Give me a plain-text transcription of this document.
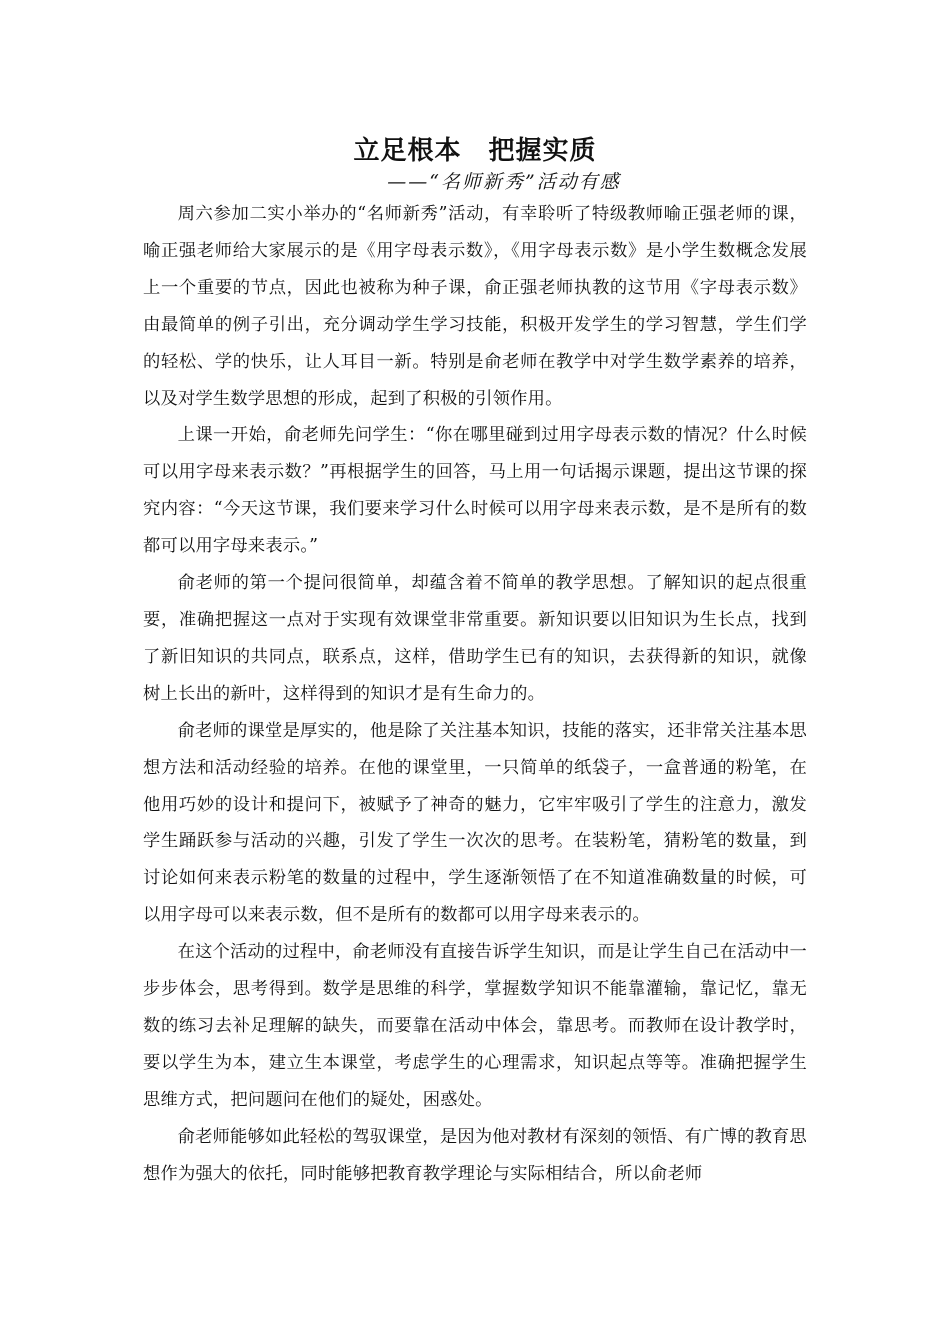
立足根本　把握实质
——“名师新秀”活动有感

周六参加二实小举办的“名师新秀”活动，有幸聆听了特级教师喻正强老师的课，喻正强老师给大家展示的是《用字母表示数》，《用字母表示数》是小学生数概念发展上一个重要的节点，因此也被称为种子课，俞正强老师执教的这节用《字母表示数》由最简单的例子引出，充分调动学生学习技能，积极开发学生的学习智慧，学生们学的轻松、学的快乐，让人耳目一新。特别是俞老师在教学中对学生数学素养的培养，以及对学生数学思想的形成，起到了积极的引领作用。

上课一开始，俞老师先问学生：“你在哪里碰到过用字母表示数的情况？什么时候可以用字母来表示数？”再根据学生的回答，马上用一句话揭示课题，提出这节课的探究内容：“今天这节课，我们要来学习什么时候可以用字母来表示数，是不是所有的数都可以用字母来表示。”

俞老师的第一个提问很简单，却蕴含着不简单的教学思想。了解知识的起点很重要，准确把握这一点对于实现有效课堂非常重要。新知识要以旧知识为生长点，找到了新旧知识的共同点，联系点，这样，借助学生已有的知识，去获得新的知识，就像树上长出的新叶，这样得到的知识才是有生命力的。

俞老师的课堂是厚实的，他是除了关注基本知识，技能的落实，还非常关注基本思想方法和活动经验的培养。在他的课堂里，一只简单的纸袋子，一盒普通的粉笔，在他用巧妙的设计和提问下，被赋予了神奇的魅力，它牢牢吸引了学生的注意力，激发学生踊跃参与活动的兴趣，引发了学生一次次的思考。在装粉笔，猜粉笔的数量，到讨论如何来表示粉笔的数量的过程中，学生逐渐领悟了在不知道准确数量的时候，可以用字母可以来表示数，但不是所有的数都可以用字母来表示的。

在这个活动的过程中，俞老师没有直接告诉学生知识，而是让学生自己在活动中一步步体会，思考得到。数学是思维的科学，掌握数学知识不能靠灌输，靠记忆，靠无数的练习去补足理解的缺失，而要靠在活动中体会，靠思考。而教师在设计教学时，要以学生为本，建立生本课堂，考虑学生的心理需求，知识起点等等。准确把握学生思维方式，把问题问在他们的疑处，困惑处。

俞老师能够如此轻松的驾驭课堂，是因为他对教材有深刻的领悟、有广博的教育思想作为强大的依托，同时能够把教育教学理论与实际相结合，所以俞老师
